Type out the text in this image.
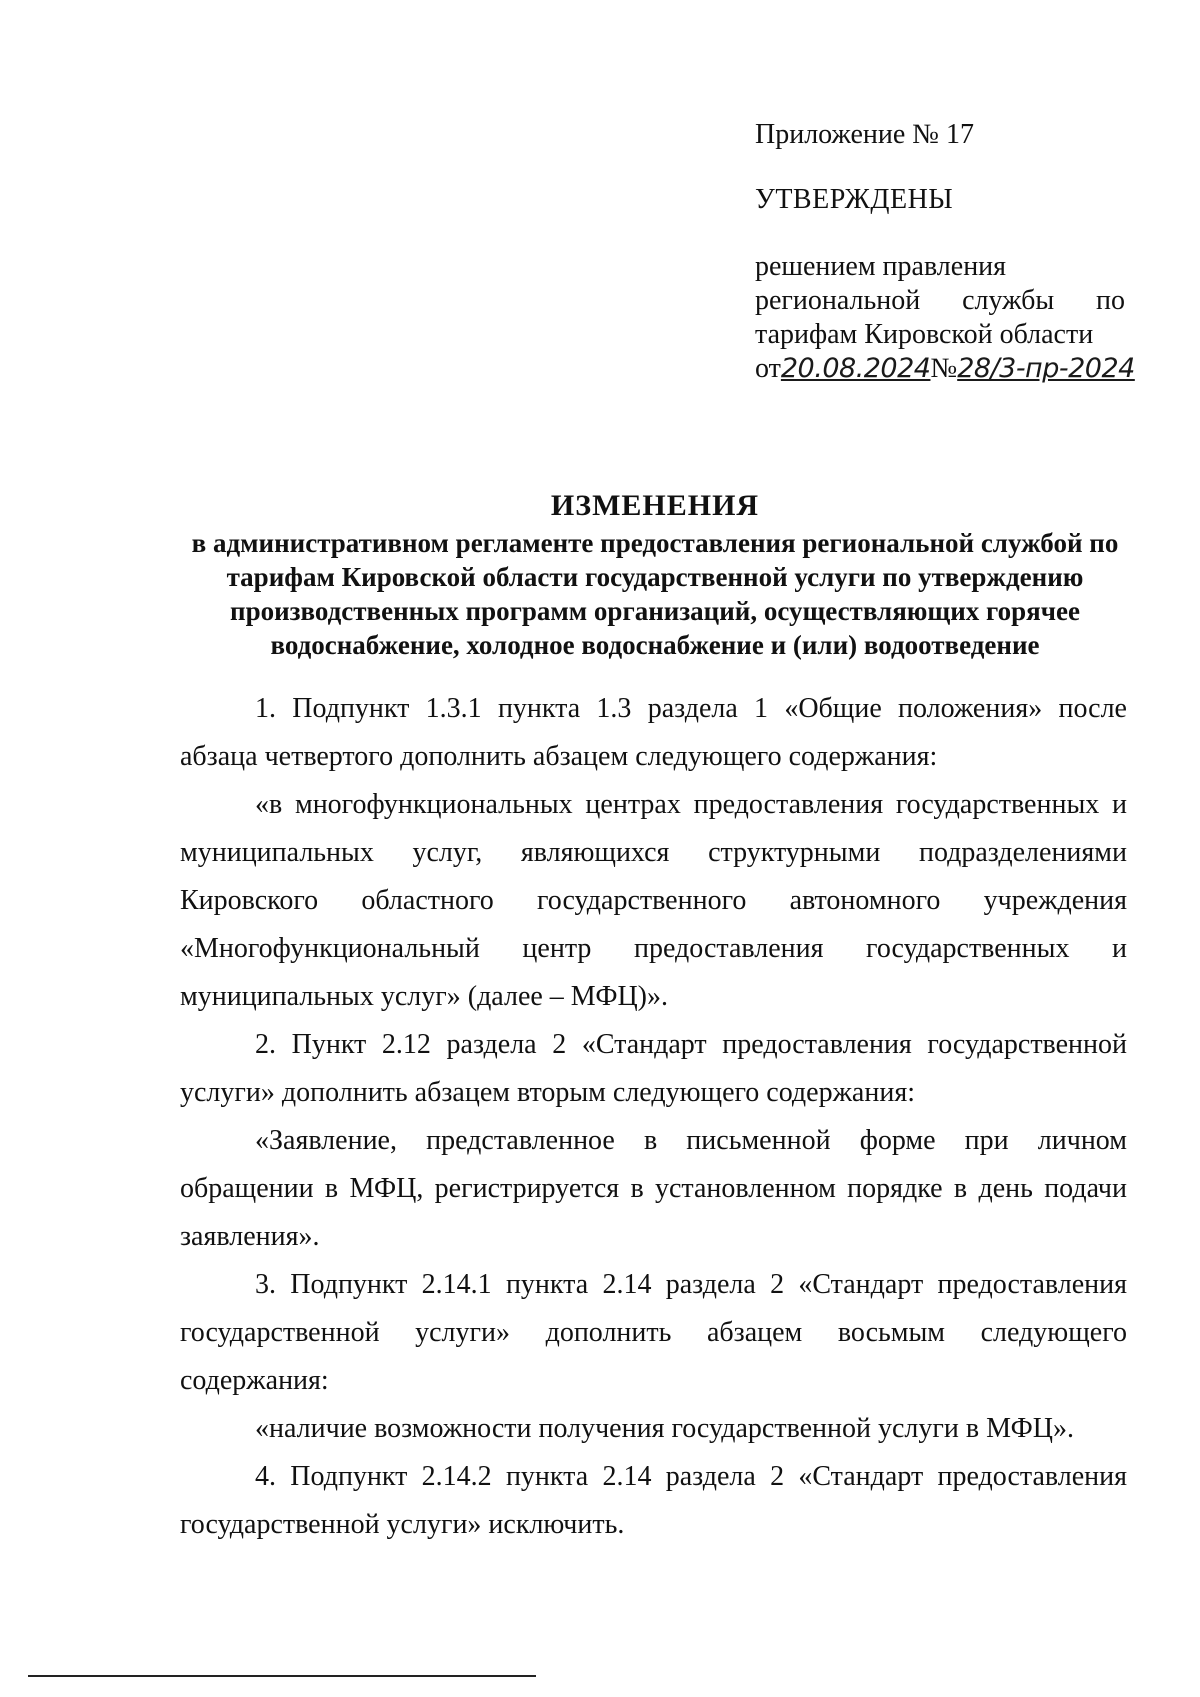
Приложение № 17

УТВЕРЖДЕНЫ

решением правления

региональной службы по

тарифам Кировской области

от20.08.2024№28/3-пр-2024

ИЗМЕНЕНИЯ

в административном регламенте предоставления региональной службой по тарифам Кировской области государственной услуги по утверждению производственных программ организаций, осуществляющих горячее водоснабжение, холодное водоснабжение и (или) водоотведение

1. Подпункт 1.3.1 пункта 1.3 раздела 1 «Общие положения» после абзаца четвертого дополнить абзацем следующего содержания:

«в многофункциональных центрах предоставления государственных и муниципальных услуг, являющихся структурными подразделениями Кировского областного государственного автономного учреждения «Многофункциональный центр предоставления государственных и муниципальных услуг» (далее – МФЦ)».

2. Пункт 2.12 раздела 2 «Стандарт предоставления государственной услуги» дополнить абзацем вторым следующего содержания:

«Заявление, представленное в письменной форме при личном обращении в МФЦ, регистрируется в установленном порядке в день подачи заявления».

3. Подпункт 2.14.1 пункта 2.14 раздела 2 «Стандарт предоставления государственной услуги» дополнить абзацем восьмым следующего содержания:

«наличие возможности получения государственной услуги в МФЦ».

4. Подпункт 2.14.2 пункта 2.14 раздела 2 «Стандарт предоставления государственной услуги» исключить.
